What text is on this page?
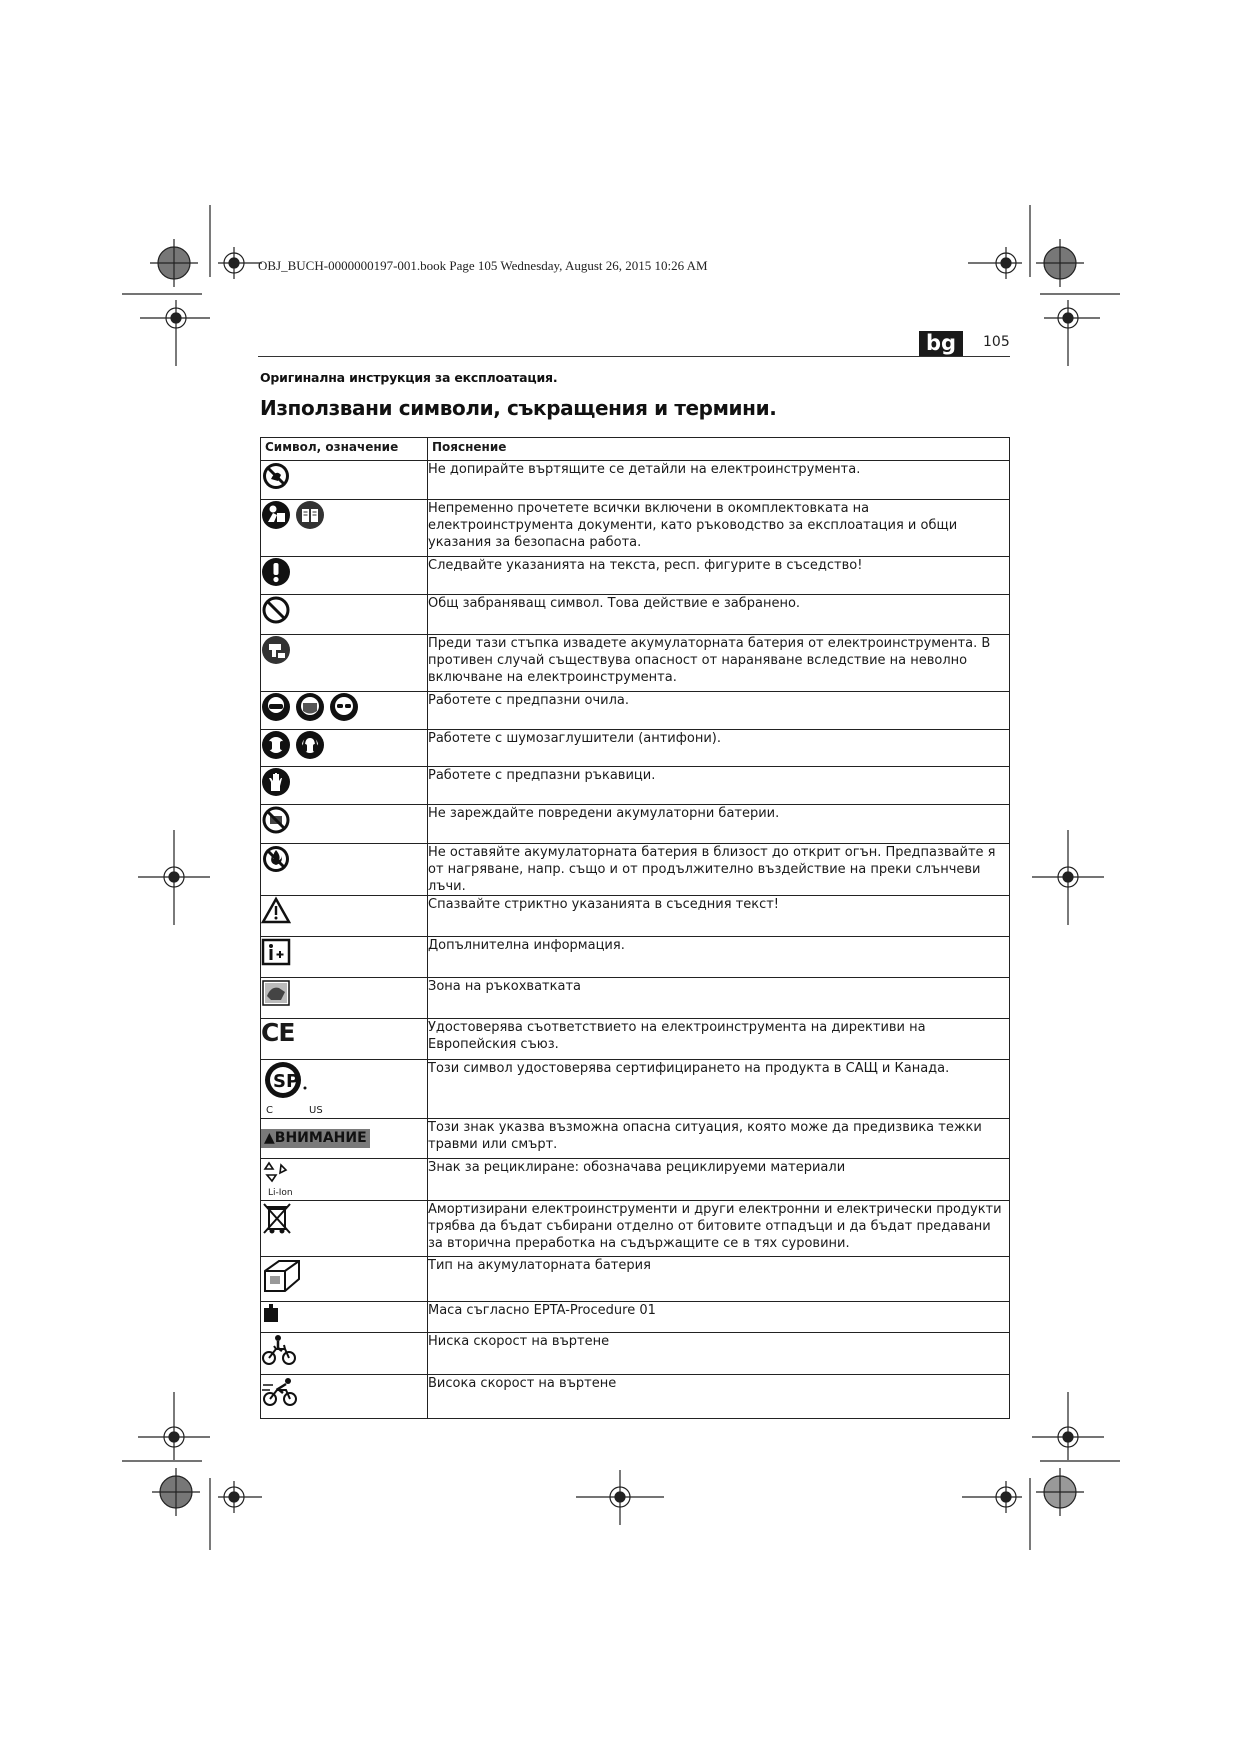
OBJ_BUCH-0000000197-001.book Page 105 Wednesday, August 26, 2015 10:26 AM
bg	105
Оригинална инструкция за експлоатация.
Използвани символи, съкращения и термини.
Символ, означение	Пояснение
	Не допирайте въртящите се детайли на електроинструмента.

	Непременно прочетете всички включени в окомплектовката на електроинструмента документи, като ръководство за експлоатация и общи указания за безопасна работа.
	Следвайте указанията на текста, респ. фигурите в съседство!
	Общ забраняващ символ. Това действие е забранено.
	Преди тази стъпка извадете акумулаторната батерия от електроинструмента. В противен случай съществува опасност от нараняване вследствие на неволно включване на електроинструмента.

	Работете с предпазни очила.

	Работете с шумозаглушители (антифони).
	Работете с предпазни ръкавици.
	Не зареждайте повредени акумулаторни батерии.
	Не оставяйте акумулаторната батерия в близост до открит огън. Предпазвайте я от нагряване, напр. също и от продължително въздействие на преки слънчеви лъчи.
	Спазвайте стриктно указанията в съседния текст!
	Допълнителна информация.
	Зона на ръкохватката
CE	Удостоверява съответствието на електроинструмента на директиви на Европейския съюз.

SP
C US	Този символ удостоверява сертифицирането на продукта в САЩ и Канада.
▲ВНИМАНИЕ	Този знак указва възможна опасна ситуация, която може да предизвика тежки травми или смърт.

Li-Ion	Знак за рециклиране: обозначава рециклируеми материали
	Амортизирани електроинструменти и други електронни и електрически продукти трябва да бъдат събирани отделно от битовите отпадъци и да бъдат предавани за вторична преработка на съдържащите се в тях суровини.
	Тип на акумулаторната батерия
	Маса съгласно EPTA-Procedure 01
	Ниска скорост на въртене
	Висока скорост на въртене
